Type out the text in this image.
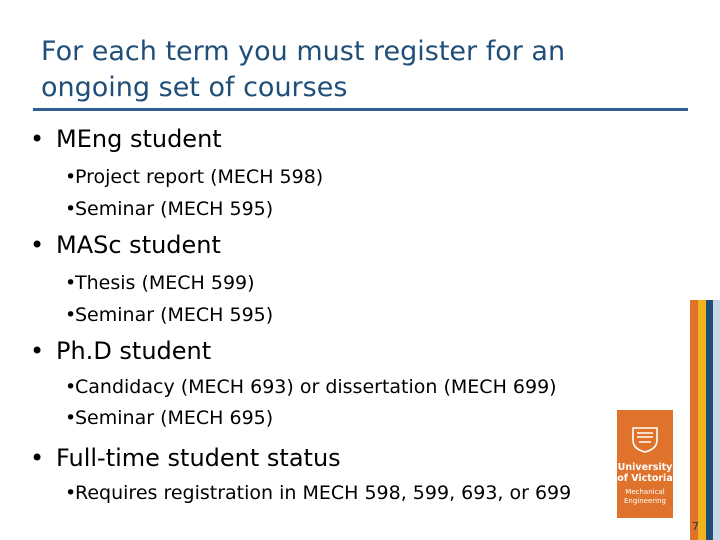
For each term you must register for an ongoing set of courses
• MEng student
•Project report (MECH 598)
•Seminar (MECH 595)
• MASc student
•Thesis (MECH 599)
•Seminar (MECH 595)
• Ph.D student
•Candidacy (MECH 693) or dissertation (MECH 699)
•Seminar (MECH 695)
• Full-time student status	University of Victoria
Mechanical Engineering
•Requires registration in MECH 598, 599, 693, or 699
7
